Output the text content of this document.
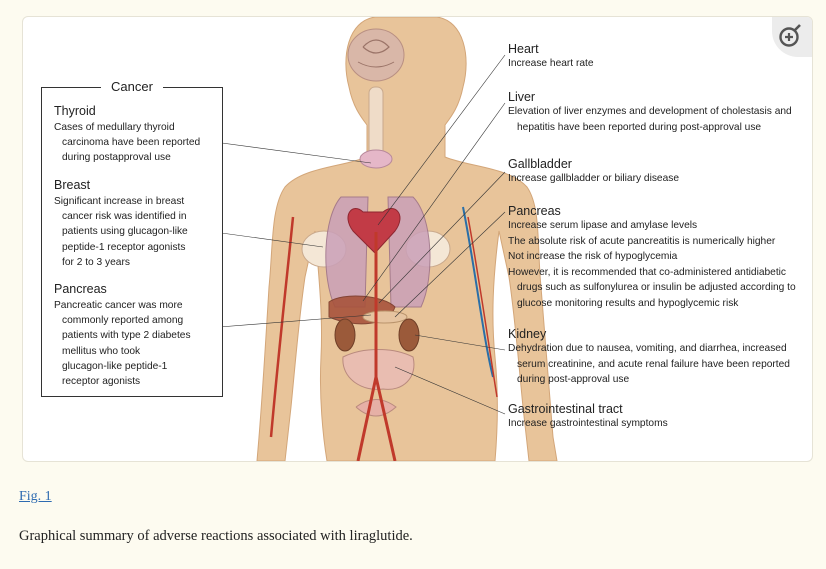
Cancer
Thyroid
Cases of medullary thyroid
carcinoma have been reported
during postapproval use
Breast
Significant increase in breast
cancer risk was identified in
patients using glucagon-like
peptide-1 receptor agonists
for 2 to 3 years
Pancreas
Pancreatic cancer was more
commonly reported among
patients with type 2 diabetes
mellitus who took
glucagon-like peptide-1
receptor agonists
Heart
Increase heart rate
Liver
Elevation of liver enzymes and development of cholestasis and
hepatitis have been reported during post-approval use
Gallbladder
Increase gallbladder or biliary disease
Pancreas
Increase serum lipase and amylase levels
The absolute risk of acute pancreatitis is numerically higher
Not increase the risk of hypoglycemia
However, it is recommended that co-administered antidiabetic
drugs such as sulfonylurea or insulin be adjusted according to
glucose monitoring results and hypoglycemic risk
Kidney
Dehydration due to nausea, vomiting, and diarrhea, increased
serum creatinine, and acute renal failure have been reported
during post-approval use
Gastrointestinal tract
Increase gastrointestinal symptoms
Fig. 1
Graphical summary of adverse reactions associated with liraglutide.
